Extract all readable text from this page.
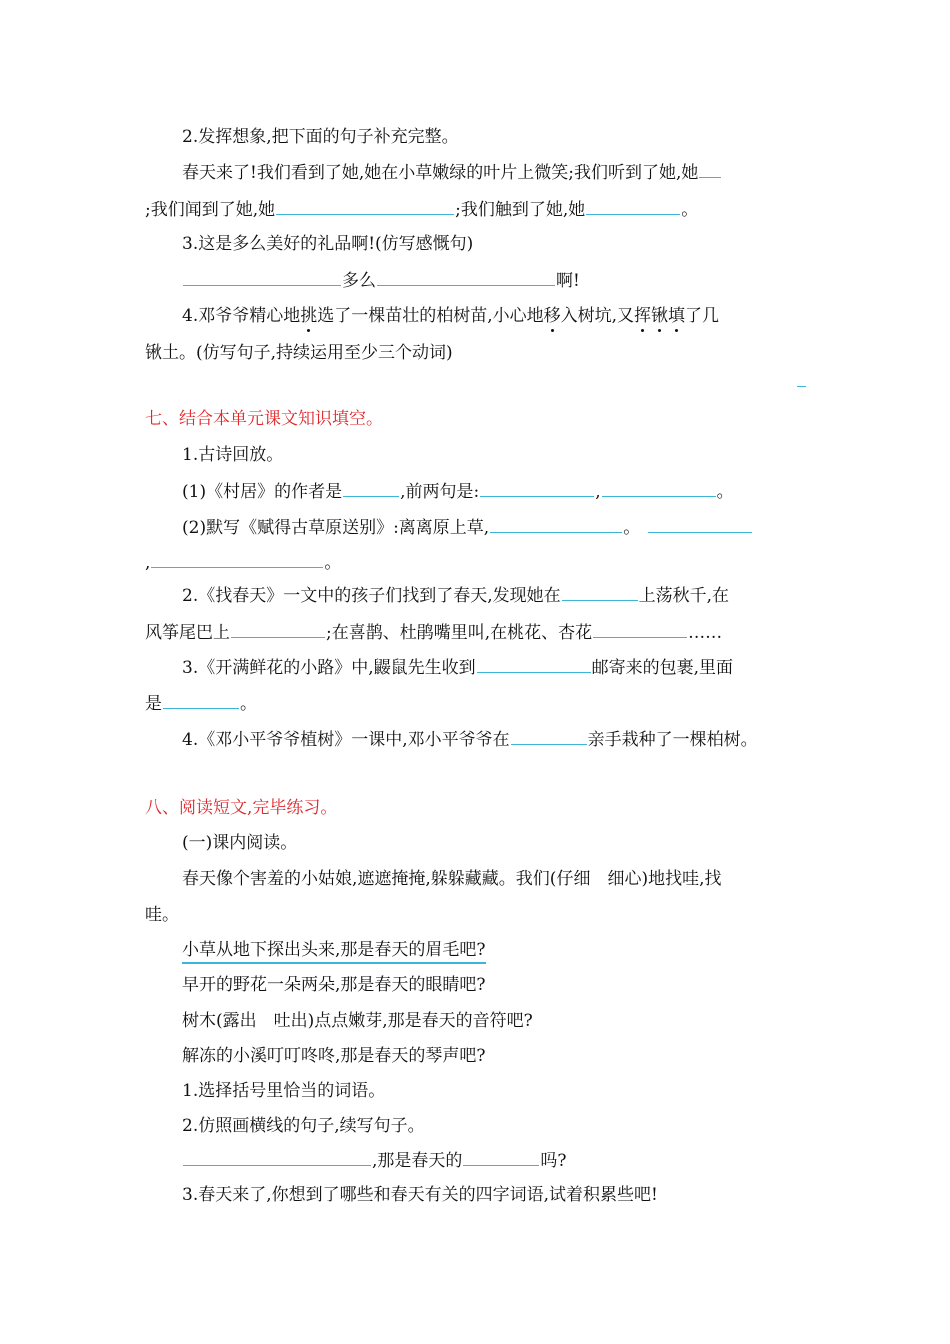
2.发挥想象,把下面的句子补充完整。
春天来了!我们看到了她,她在小草嫩绿的叶片上微笑;我们听到了她,她
;我们闻到了她,她	;我们触到了她,她	。
3.这是多么美好的礼品啊!(仿写感慨句)
多么	啊!
4.邓爷爷精心地挑选了一棵苗壮的柏树苗,小心地移入树坑,又挥锹填了几
锹土。(仿写句子,持续运用至少三个动词)
七、结合本单元课文知识填空。
1.古诗回放。
(1)《村居》的作者是	,前两句是:	,	。
(2)默写《赋得古草原送别》:离离原上草,	。
,	。
2.《找春天》一文中的孩子们找到了春天,发现她在	上荡秋千,在
风筝尾巴上	;在喜鹊、杜鹃嘴里叫,在桃花、杏花	……
3.《开满鲜花的小路》中,鼹鼠先生收到	邮寄来的包裹,里面
是	。
4.《邓小平爷爷植树》一课中,邓小平爷爷在	亲手栽种了一棵柏树。
八、阅读短文,完毕练习。
(一)课内阅读。
春天像个害羞的小姑娘,遮遮掩掩,躲躲藏藏。我们(仔细　细心)地找哇,找
哇。
小草从地下探出头来,那是春天的眉毛吧?
早开的野花一朵两朵,那是春天的眼睛吧?
树木(露出　吐出)点点嫩芽,那是春天的音符吧?
解冻的小溪叮叮咚咚,那是春天的琴声吧?
1.选择括号里恰当的词语。
2.仿照画横线的句子,续写句子。
,那是春天的	吗?
3.春天来了,你想到了哪些和春天有关的四字词语,试着积累些吧!
